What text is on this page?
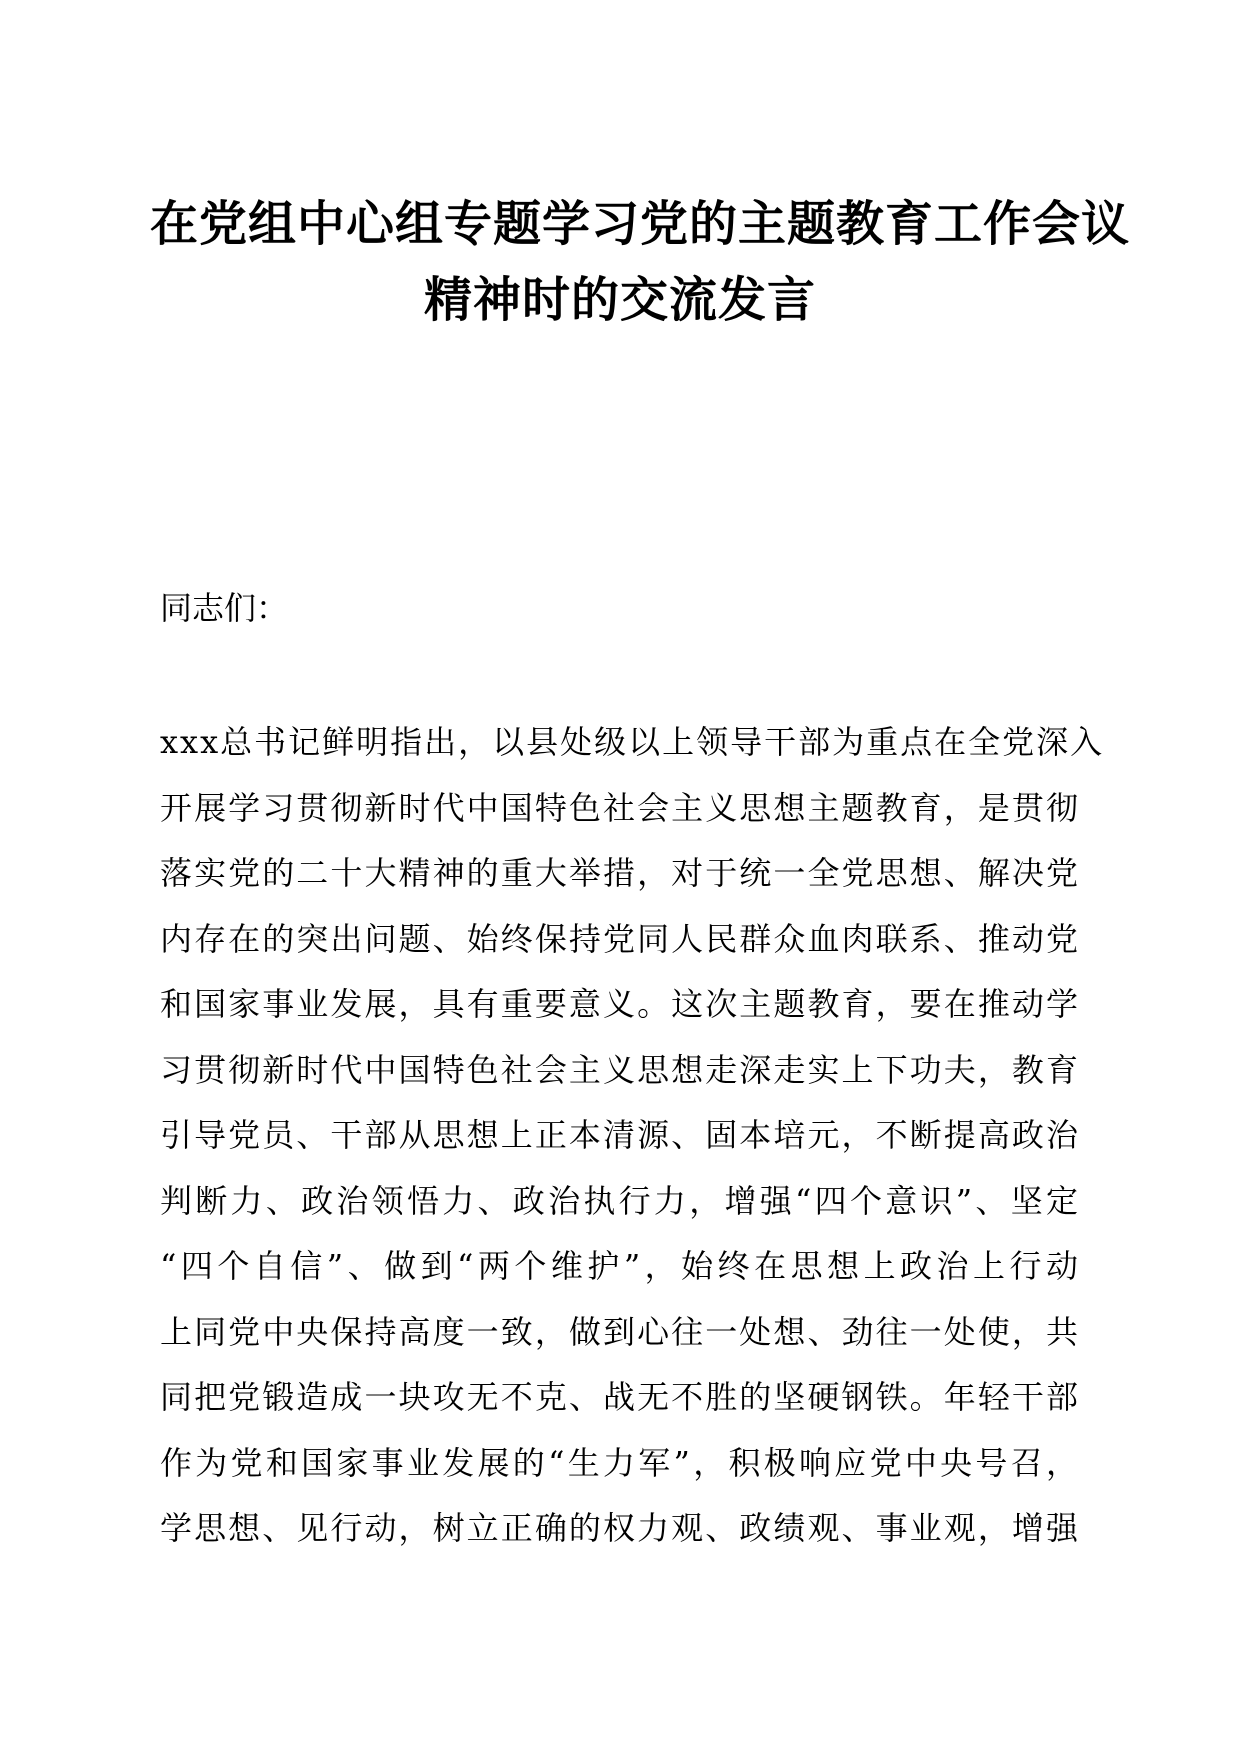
在党组中心组专题学习党的主题教育工作会议
精神时的交流发言

同志们：

xxx总书记鲜明指出，以县处级以上领导干部为重点在全党深入
开展学习贯彻新时代中国特色社会主义思想主题教育，是贯彻
落实党的二十大精神的重大举措，对于统一全党思想、解决党
内存在的突出问题、始终保持党同人民群众血肉联系、推动党
和国家事业发展，具有重要意义。这次主题教育，要在推动学
习贯彻新时代中国特色社会主义思想走深走实上下功夫，教育
引导党员、干部从思想上正本清源、固本培元，不断提高政治
判断力、政治领悟力、政治执行力，增强“四个意识”、坚定
“四个自信”、做到“两个维护”，始终在思想上政治上行动
上同党中央保持高度一致，做到心往一处想、劲往一处使，共
同把党锻造成一块攻无不克、战无不胜的坚硬钢铁。年轻干部
作为党和国家事业发展的“生力军”，积极响应党中央号召，
学思想、见行动，树立正确的权力观、政绩观、事业观，增强
